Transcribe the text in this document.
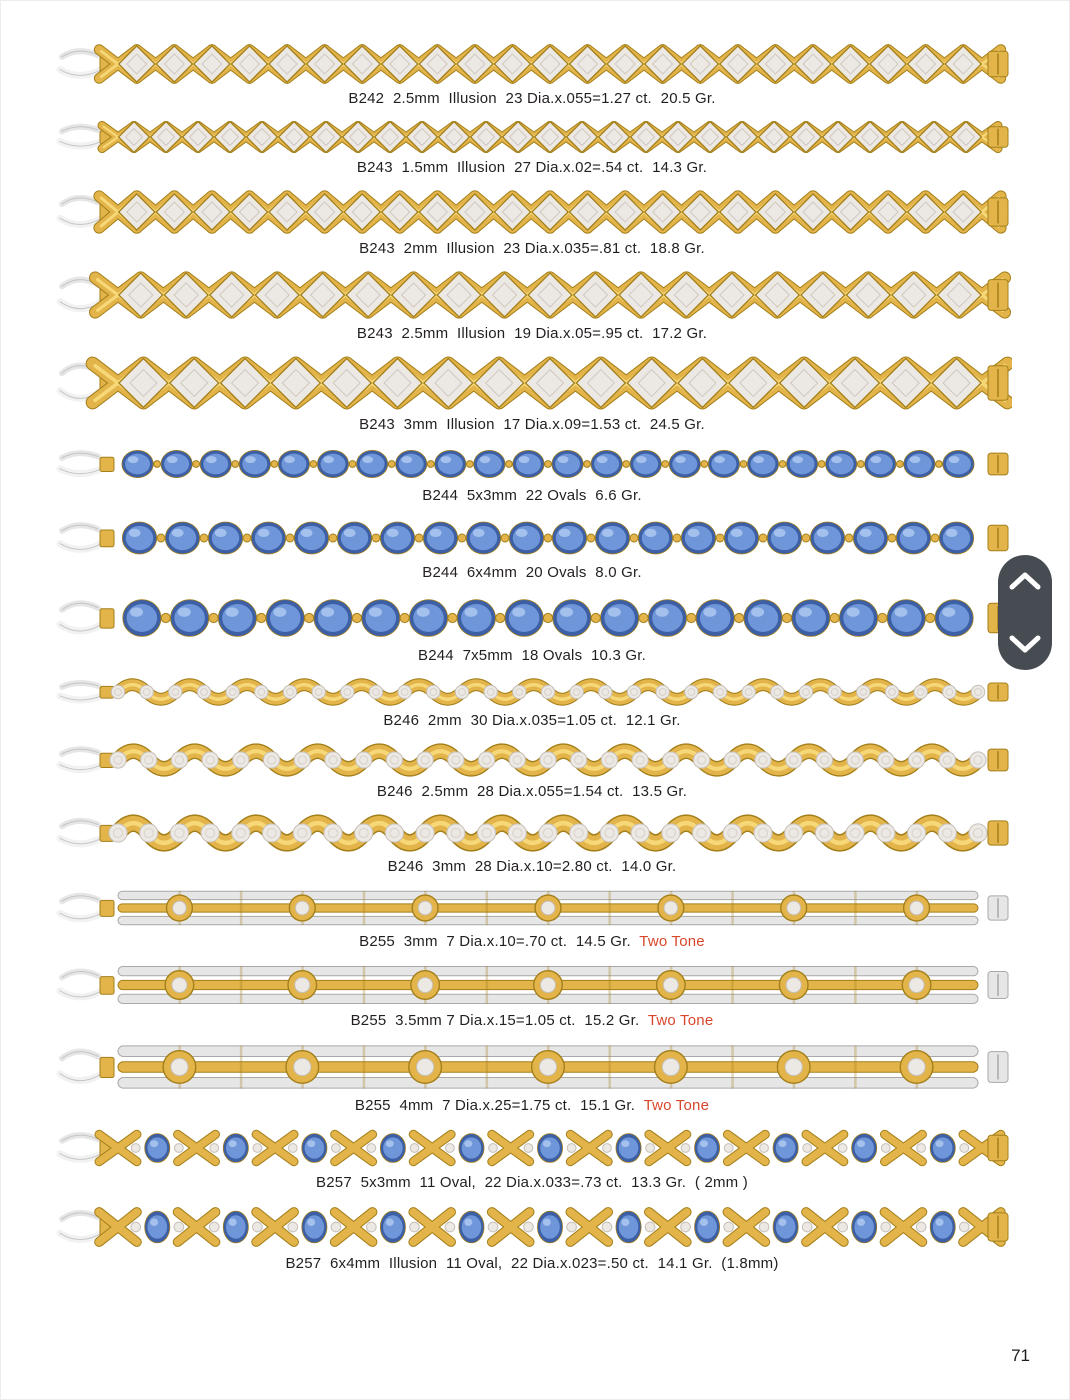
B242  2.5mm  Illusion  23 Dia.x.055=1.27 ct.  20.5 Gr.
B243  1.5mm  Illusion  27 Dia.x.02=.54 ct.  14.3 Gr.
B243  2mm  Illusion  23 Dia.x.035=.81 ct.  18.8 Gr.
B243  2.5mm  Illusion  19 Dia.x.05=.95 ct.  17.2 Gr.
B243  3mm  Illusion  17 Dia.x.09=1.53 ct.  24.5 Gr.
B244  5x3mm  22 Ovals  6.6 Gr.
B244  6x4mm  20 Ovals  8.0 Gr.
B244  7x5mm  18 Ovals  10.3 Gr.
B246  2mm  30 Dia.x.035=1.05 ct.  12.1 Gr.
B246  2.5mm  28 Dia.x.055=1.54 ct.  13.5 Gr.
B246  3mm  28 Dia.x.10=2.80 ct.  14.0 Gr.
B255  3mm  7 Dia.x.10=.70 ct.  14.5 Gr. Two Tone
B255  3.5mm 7 Dia.x.15=1.05 ct.  15.2 Gr. Two Tone
B255  4mm  7 Dia.x.25=1.75 ct.  15.1 Gr. Two Tone
B257  5x3mm  11 Oval,  22 Dia.x.033=.73 ct.  13.3 Gr.  ( 2mm )
B257  6x4mm  Illusion  11 Oval,  22 Dia.x.023=.50 ct.  14.1 Gr.  (1.8mm)
71
